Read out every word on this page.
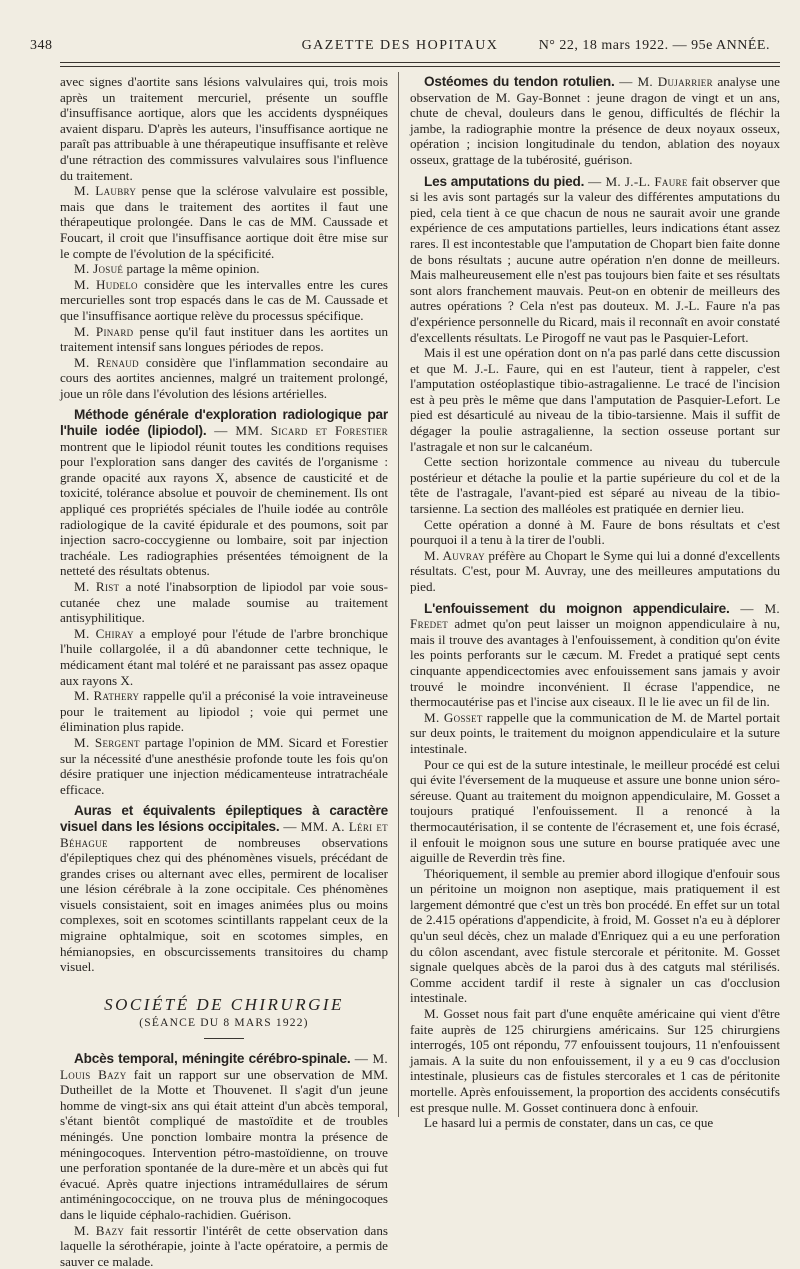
348	GAZETTE DES HOPITAUX	N° 22, 18 mars 1922. — 95e ANNÉE.

avec signes d'aortite sans lésions valvulaires qui, trois mois après un traitement mercuriel, présente un souffle d'insuffisance aortique, alors que les accidents dyspnéiques avaient disparu. D'après les auteurs, l'insuffisance aortique ne paraît pas attribuable à une thérapeutique insuffisante et relève d'une rétraction des commissures valvulaires sous l'influence du traitement.

M. Laubry pense que la sclérose valvulaire est possible, mais que dans le traitement des aortites il faut une thérapeutique prolongée. Dans le cas de MM. Caussade et Foucart, il croit que l'insuffisance aortique doit être mise sur le compte de l'évolution de la spécificité.

M. Josué partage la même opinion.

M. Hudelo considère que les intervalles entre les cures mercurielles sont trop espacés dans le cas de M. Caussade et que l'insuffisance aortique relève du processus spécifique.

M. Pinard pense qu'il faut instituer dans les aortites un traitement intensif sans longues périodes de repos.

M. Renaud considère que l'inflammation secondaire au cours des aortites anciennes, malgré un traitement prolongé, joue un rôle dans l'évolution des lésions artérielles.

Méthode générale d'exploration radiologique par l'huile iodée (lipiodol). — MM. Sicard et Forestier montrent que le lipiodol réunit toutes les conditions requises pour l'exploration sans danger des cavités de l'organisme : grande opacité aux rayons X, absence de causticité et de toxicité, tolérance absolue et pouvoir de cheminement. Ils ont appliqué ces propriétés spéciales de l'huile iodée au contrôle radiologique de la cavité épidurale et des poumons, soit par injection sacro-coccygienne ou lombaire, soit par injection trachéale. Les radiographies présentées témoignent de la netteté des résultats obtenus.

M. Rist a noté l'inabsorption de lipiodol par voie sous-cutanée chez une malade soumise au traitement antisyphilitique.

M. Chiray a employé pour l'étude de l'arbre bronchique l'huile collargolée, il a dû abandonner cette technique, le médicament étant mal toléré et ne paraissant pas assez opaque aux rayons X.

M. Rathery rappelle qu'il a préconisé la voie intraveineuse pour le traitement au lipiodol ; voie qui permet une élimination plus rapide.

M. Sergent partage l'opinion de MM. Sicard et Forestier sur la nécessité d'une anesthésie profonde toute les fois qu'on désire pratiquer une injection médicamenteuse intratrachéale efficace.

Auras et équivalents épileptiques à caractère visuel dans les lésions occipitales. — MM. A. Léri et Béhague rapportent de nombreuses observations d'épileptiques chez qui des phénomènes visuels, précédant de grandes crises ou alternant avec elles, permirent de localiser une lésion cérébrale à la zone occipitale. Ces phénomènes visuels consistaient, soit en images animées plus ou moins complexes, soit en scotomes scintillants rappelant ceux de la migraine ophtalmique, soit en scotomes simples, en hémianopsies, en obscurcissements transitoires du champ visuel.

SOCIÉTÉ DE CHIRURGIE
(SÉANCE DU 8 MARS 1922)

Abcès temporal, méningite cérébro-spinale. — M. Louis Bazy fait un rapport sur une observation de MM. Dutheillet de la Motte et Thouvenet. Il s'agit d'un jeune homme de vingt-six ans qui était atteint d'un abcès temporal, s'étant bientôt compliqué de mastoïdite et de troubles méningés. Une ponction lombaire montra la présence de méningocoques. Intervention pétro-mastoïdienne, on trouve une perforation spontanée de la dure-mère et un abcès qui fut évacué. Après quatre injections intramédullaires de sérum antiméningococcique, on ne trouva plus de méningocoques dans le liquide céphalo-rachidien. Guérison.

M. Bazy fait ressortir l'intérêt de cette observation dans laquelle la sérothérapie, jointe à l'acte opératoire, a permis de sauver ce malade.

Ostéomes du tendon rotulien. — M. Dujarrier analyse une observation de M. Gay-Bonnet : jeune dragon de vingt et un ans, chute de cheval, douleurs dans le genou, difficultés de fléchir la jambe, la radiographie montre la présence de deux noyaux osseux, opération ; incision longitudinale du tendon, ablation des noyaux osseux, grattage de la tubérosité, guérison.

Les amputations du pied. — M. J.-L. Faure fait observer que si les avis sont partagés sur la valeur des différentes amputations du pied, cela tient à ce que chacun de nous ne saurait avoir une grande expérience de ces amputations partielles, leurs indications étant assez rares. Il est incontestable que l'amputation de Chopart bien faite donne de bons résultats ; aucune autre opération n'en donne de meilleurs. Mais malheureusement elle n'est pas toujours bien faite et ses résultats sont alors franchement mauvais. Peut-on en obtenir de meilleurs des autres opérations ? Cela n'est pas douteux. M. J.-L. Faure n'a pas d'expérience personnelle du Ricard, mais il reconnaît en avoir constaté d'excellents résultats. Le Pirogoff ne vaut pas le Pasquier-Lefort.

Mais il est une opération dont on n'a pas parlé dans cette discussion et que M. J.-L. Faure, qui en est l'auteur, tient à rappeler, c'est l'amputation ostéoplastique tibio-astragalienne. Le tracé de l'incision est à peu près le même que dans l'amputation de Pasquier-Lefort. Le pied est désarticulé au niveau de la tibio-tarsienne. Mais il suffit de dégager la poulie astragalienne, la section osseuse portant sur l'astragale et non sur le calcanéum.

Cette section horizontale commence au niveau du tubercule postérieur et détache la poulie et la partie supérieure du col et de la tête de l'astragale, l'avant-pied est séparé au niveau de la tibio-tarsienne. La section des malléoles est pratiquée en dernier lieu.

Cette opération a donné à M. Faure de bons résultats et c'est pourquoi il a tenu à la tirer de l'oubli.

M. Auvray préfère au Chopart le Syme qui lui a donné d'excellents résultats. C'est, pour M. Auvray, une des meilleures amputations du pied.

L'enfouissement du moignon appendiculaire. — M. Fredet admet qu'on peut laisser un moignon appendiculaire à nu, mais il trouve des avantages à l'enfouissement, à condition qu'on évite les points perforants sur le cæcum. M. Fredet a pratiqué sept cents cinquante appendicectomies avec enfouissement sans jamais y avoir trouvé le moindre inconvénient. Il écrase l'appendice, ne thermocautérise pas et l'incise aux ciseaux. Il le lie avec un fil de lin.

M. Gosset rappelle que la communication de M. de Martel portait sur deux points, le traitement du moignon appendiculaire et la suture intestinale.

Pour ce qui est de la suture intestinale, le meilleur procédé est celui qui évite l'éversement de la muqueuse et assure une bonne union séro-séreuse. Quant au traitement du moignon appendiculaire, M. Gosset a toujours pratiqué l'enfouissement. Il a renoncé à la thermocautérisation, il se contente de l'écrasement et, une fois écrasé, il enfouit le moignon sous une suture en bourse pratiquée avec une aiguille de Reverdin très fine.

Théoriquement, il semble au premier abord illogique d'enfouir sous un péritoine un moignon non aseptique, mais pratiquement il est largement démontré que c'est un très bon procédé. En effet sur un total de 2.415 opérations d'appendicite, à froid, M. Gosset n'a eu à déplorer qu'un seul décès, chez un malade d'Enriquez qui a eu une perforation du côlon ascendant, avec fistule stercorale et péritonite. M. Gosset signale quelques abcès de la paroi dus à des catguts mal stérilisés. Comme accident tardif il reste à signaler un cas d'occlusion intestinale.

M. Gosset nous fait part d'une enquête américaine qui vient d'être faite auprès de 125 chirurgiens américains. Sur 125 chirurgiens interrogés, 105 ont répondu, 77 enfouissent toujours, 11 n'enfouissent jamais. A la suite du non enfouissement, il y a eu 9 cas d'occlusion intestinale, plusieurs cas de fistules stercorales et 1 cas de péritonite mortelle. Après enfouissement, la proportion des accidents consécutifs est presque nulle. M. Gosset continuera donc à enfouir.

Le hasard lui a permis de constater, dans un cas, ce que
